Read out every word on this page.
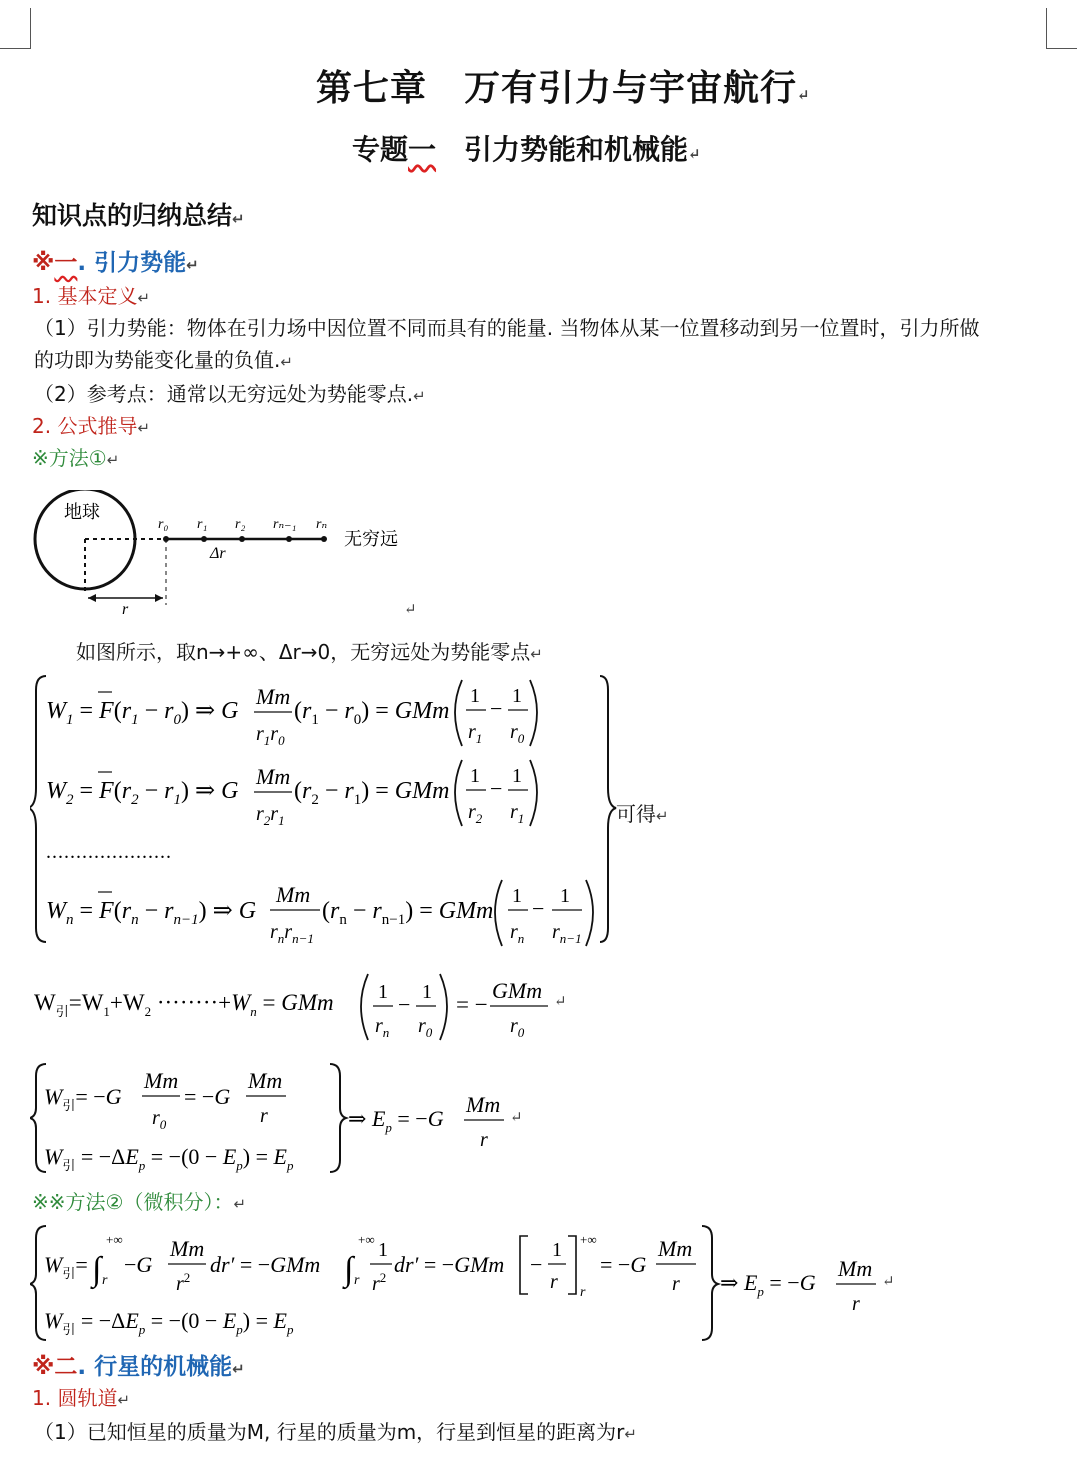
第七章　万有引力与宇宙航行↵
专题一　引力势能和机械能↵
知识点的归纳总结↵
※一. 引力势能↵
1. 基本定义↵
（1）引力势能：物体在引力场中因位置不同而具有的能量. 当物体从某一位置移动到另一位置时，引力所做
的功即为势能变化量的负值.↵
（2）参考点：通常以无穷远处为势能零点.↵
2. 公式推导↵
※方法①↵
地球
r
r₀ r₁ r₂ rₙ₋₁ rₙ
Δr
无穷远
↵
如图所示，取n→+∞、Δr→0，无穷远处为势能零点↵
$W_1 = F(r_1 - r_0)$ ⇒ G
Mm
$r_1r_0$
$(r_1 - r_0)$ = GMm
1
$r_1$
− 1
$r_0$
$W_2 = F(r_2 - r_1)$ ⇒ G
Mm
$r_2r_1$
$(r_2 - r_1)$ = GMm
1
$r_2$
− 1
$r_1$
.....................
$W_n = F(r_n - r_{n-1})$ ⇒ G
Mm
$r_nr_{n-1}$
$(r_n - r_{n-1})$ = GMm
1
$r_n$
− 1
$r_{n-1}$
可得↵
$W_引=W_1+W_2 \cdot\cdot\cdot\cdot\cdot\cdot\cdot\cdot+W_n$ = GMm 1
$r_n$
− 1
$r_0$
= −
GMm
$r_0$
↵
$W_引= -G$
Mm
$r_0$
= −G
Mm
r
$W_引 = -\Delta E_p = -(0 - E_p) = E_p$
⇒ $E_p = -G$
Mm
r
↵
※※方法②（微积分）：↵
$W_引=$ ∫
+∞
r
−G
Mm
$r^2$
dr′ = −GMm ∫
+∞
r
1
$r^2$
dr′ = −GMm −
1
r
+∞
r
= −G
Mm
r
$W_引 = -\Delta E_p = -(0 - E_p) = E_p$
⇒ $E_p = -G$
Mm
r
↵
※二. 行星的机械能↵
1. 圆轨道↵
（1）已知恒星的质量为M, 行星的质量为m，行星到恒星的距离为r↵
